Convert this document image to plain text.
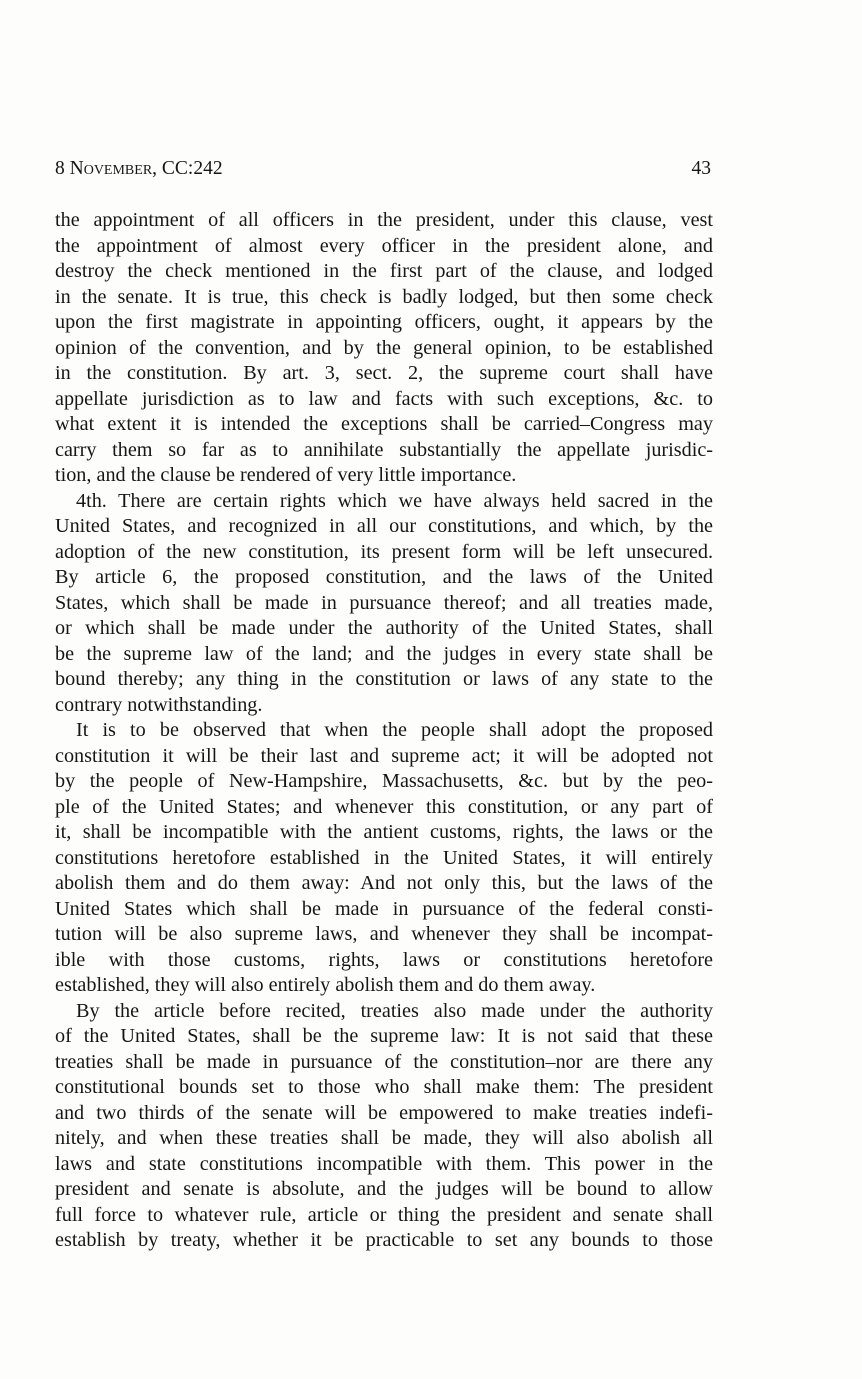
8 November, CC:242	43
the appointment of all officers in the president, under this clause, vest
the appointment of almost every officer in the president alone, and
destroy the check mentioned in the first part of the clause, and lodged
in the senate. It is true, this check is badly lodged, but then some check
upon the first magistrate in appointing officers, ought, it appears by the
opinion of the convention, and by the general opinion, to be established
in the constitution. By art. 3, sect. 2, the supreme court shall have
appellate jurisdiction as to law and facts with such exceptions, &c. to
what extent it is intended the exceptions shall be carried–Congress may
carry them so far as to annihilate substantially the appellate jurisdic-
tion, and the clause be rendered of very little importance.
4th. There are certain rights which we have always held sacred in the
United States, and recognized in all our constitutions, and which, by the
adoption of the new constitution, its present form will be left unsecured.
By article 6, the proposed constitution, and the laws of the United
States, which shall be made in pursuance thereof; and all treaties made,
or which shall be made under the authority of the United States, shall
be the supreme law of the land; and the judges in every state shall be
bound thereby; any thing in the constitution or laws of any state to the
contrary notwithstanding.
It is to be observed that when the people shall adopt the proposed
constitution it will be their last and supreme act; it will be adopted not
by the people of New-Hampshire, Massachusetts, &c. but by the peo-
ple of the United States; and whenever this constitution, or any part of
it, shall be incompatible with the antient customs, rights, the laws or the
constitutions heretofore established in the United States, it will entirely
abolish them and do them away: And not only this, but the laws of the
United States which shall be made in pursuance of the federal consti-
tution will be also supreme laws, and whenever they shall be incompat-
ible with those customs, rights, laws or constitutions heretofore
established, they will also entirely abolish them and do them away.
By the article before recited, treaties also made under the authority
of the United States, shall be the supreme law: It is not said that these
treaties shall be made in pursuance of the constitution–nor are there any
constitutional bounds set to those who shall make them: The president
and two thirds of the senate will be empowered to make treaties indefi-
nitely, and when these treaties shall be made, they will also abolish all
laws and state constitutions incompatible with them. This power in the
president and senate is absolute, and the judges will be bound to allow
full force to whatever rule, article or thing the president and senate shall
establish by treaty, whether it be practicable to set any bounds to those
